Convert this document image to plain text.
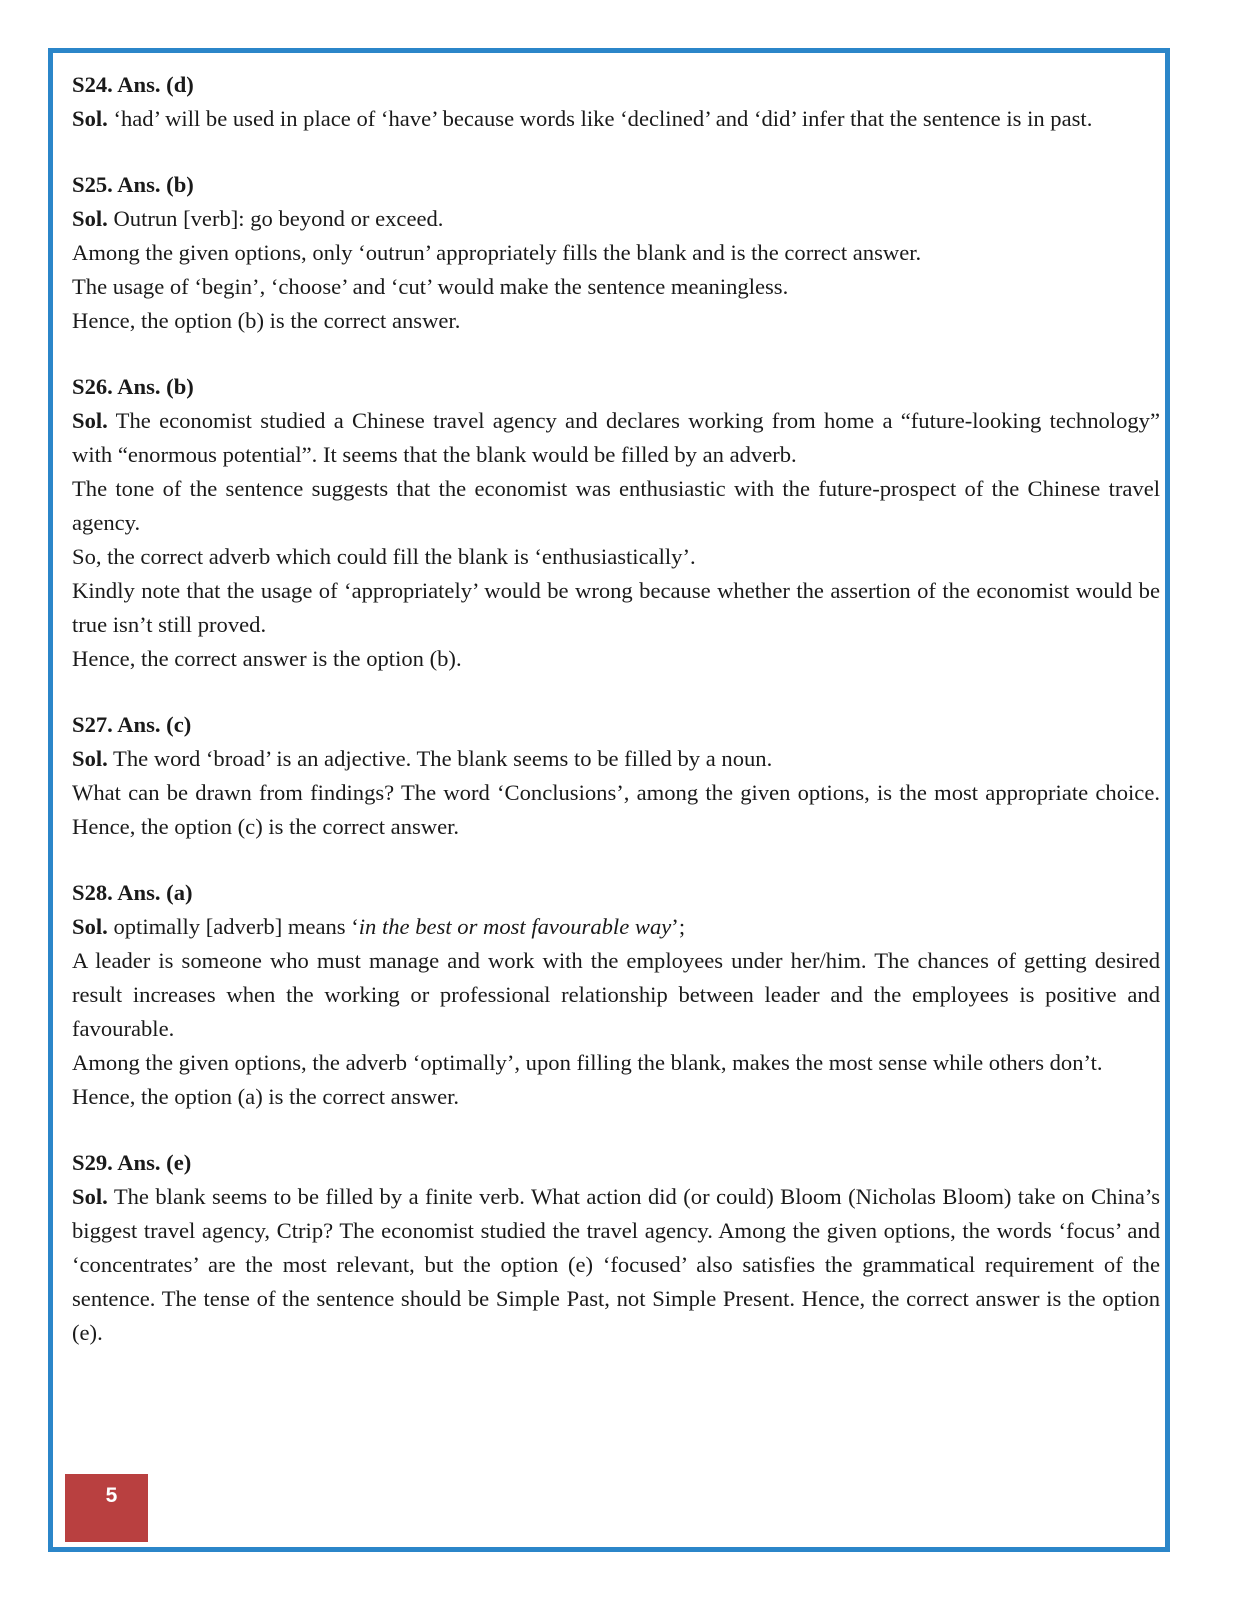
S24. Ans. (d)

Sol. ‘had’ will be used in place of ‘have’ because words like ‘declined’ and ‘did’ infer that the sentence is in past.

S25. Ans. (b)

Sol. Outrun [verb]: go beyond or exceed.

Among the given options, only ‘outrun’ appropriately fills the blank and is the correct answer.

The usage of ‘begin’, ‘choose’ and ‘cut’ would make the sentence meaningless.

Hence, the option (b) is the correct answer.

S26. Ans. (b)

Sol. The economist studied a Chinese travel agency and declares working from home a “future-looking technology” with “enormous potential”. It seems that the blank would be filled by an adverb.

The tone of the sentence suggests that the economist was enthusiastic with the future-prospect of the Chinese travel agency.

So, the correct adverb which could fill the blank is ‘enthusiastically’.

Kindly note that the usage of ‘appropriately’ would be wrong because whether the assertion of the economist would be true isn’t still proved.

Hence, the correct answer is the option (b).

S27. Ans. (c)

Sol. The word ‘broad’ is an adjective. The blank seems to be filled by a noun.

What can be drawn from findings? The word ‘Conclusions’, among the given options, is the most appropriate choice. Hence, the option (c) is the correct answer.

S28. Ans. (a)

Sol. optimally [adverb] means ‘in the best or most favourable way’;

A leader is someone who must manage and work with the employees under her/him. The chances of getting desired result increases when the working or professional relationship between leader and the employees is positive and favourable.

Among the given options, the adverb ‘optimally’, upon filling the blank, makes the most sense while others don’t.

Hence, the option (a) is the correct answer.

S29. Ans. (e)

Sol. The blank seems to be filled by a finite verb. What action did (or could) Bloom (Nicholas Bloom) take on China’s biggest travel agency, Ctrip? The economist studied the travel agency. Among the given options, the words ‘focus’ and ‘concentrates’ are the most relevant, but the option (e) ‘focused’ also satisfies the grammatical requirement of the sentence. The tense of the sentence should be Simple Past, not Simple Present. Hence, the correct answer is the option (e).

5
